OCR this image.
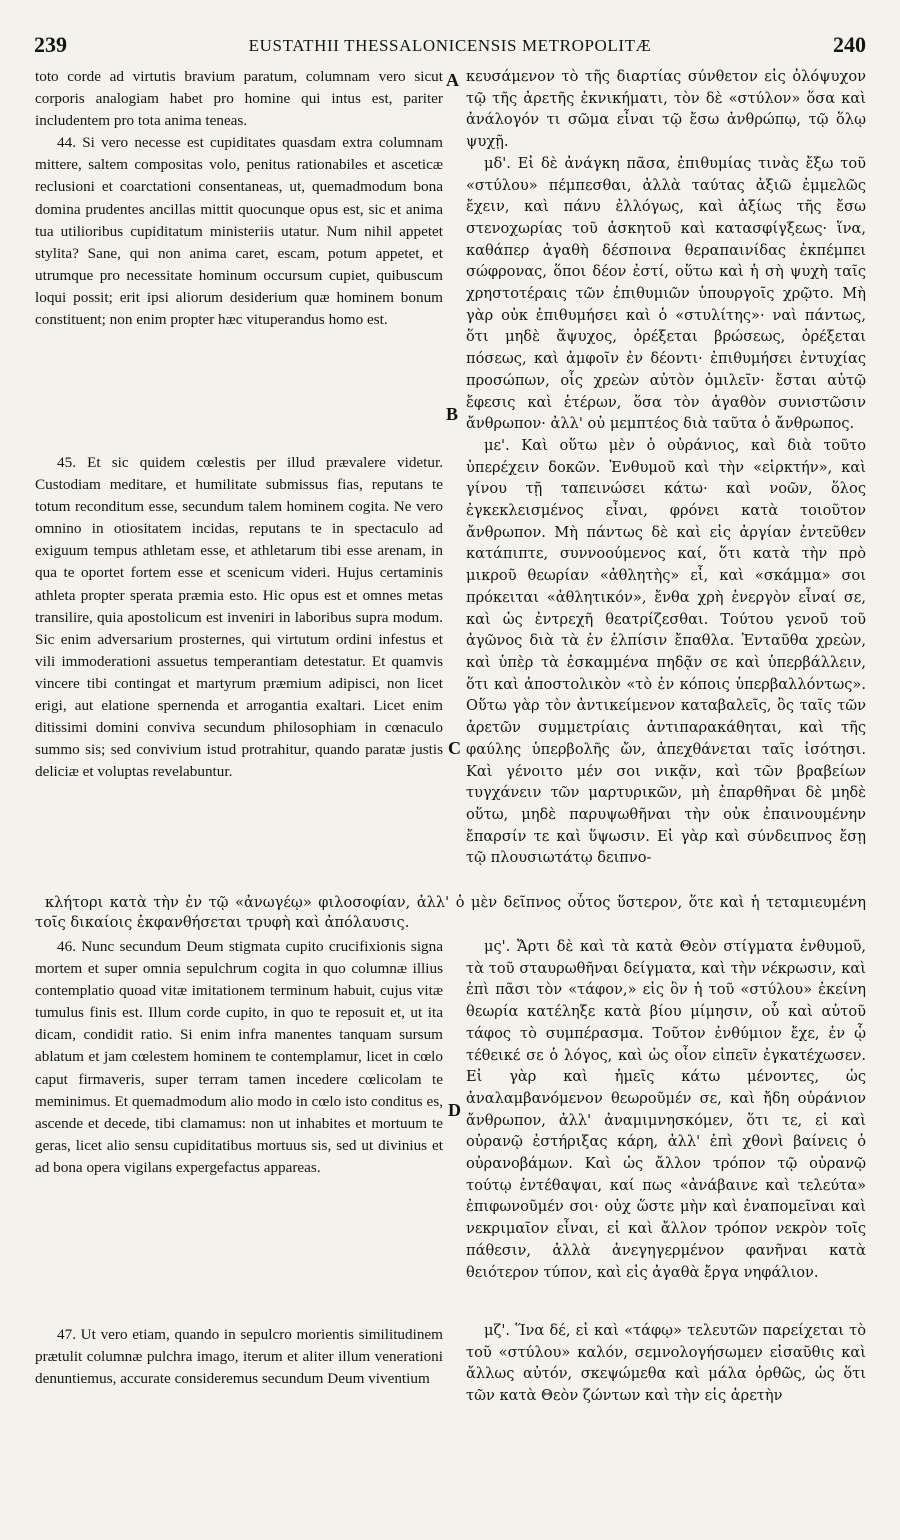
239	EUSTATHII THESSALONICENSIS METROPOLITÆ	240

toto corde ad virtutis bravium paratum, columnam vero sicut corporis analogiam habet pro homine qui intus est, pariter includentem pro tota anima teneas.

44. Si vero necesse est cupiditates quasdam extra columnam mittere, saltem compositas volo, penitus rationabiles et asceticæ reclusioni et coarctationi consentaneas, ut, quemadmodum bona domina prudentes ancillas mittit quocunque opus est, sic et anima tua utilioribus cupiditatum ministeriis utatur. Num nihil appetet stylita? Sane, qui non anima caret, escam, potum appetet, et utrumque pro necessitate hominum occursum cupiet, quibuscum loqui possit; erit ipsi aliorum desiderium quæ hominem bonum constituent; non enim propter hæc vituperandus homo est.

45. Et sic quidem cœlestis per illud prævalere videtur. Custodiam meditare, et humilitate submissus fias, reputans te totum reconditum esse, secundum talem hominem cogita. Ne vero omnino in otiositatem incidas, reputans te in spectaculo ad exiguum tempus athletam esse, et athletarum tibi esse arenam, in qua te oportet fortem esse et scenicum videri. Hujus certaminis athleta propter sperata præmia esto. Hic opus est et omnes metas transilire, quia apostolicum est inveniri in laboribus supra modum. Sic enim adversarium prosternes, qui virtutum ordini infestus et vili immoderationi assuetus temperantiam detestatur. Et quamvis vincere tibi contingat et martyrum præmium adipisci, non licet erigi, aut elatione spernenda et arrogantia exaltari. Licet enim ditissimi domini conviva secundum philosophiam in cœnaculo summo sis; sed convivium istud protrahitur, quando paratæ justis deliciæ et voluptas revelabuntur.

κευσάμενον τὸ τῆς διαρτίας σύνθετον εἰς ὁλόψυχον τῷ τῆς ἀρετῆς ἐκνικήματι, τὸν δὲ «στύλον» ὅσα καὶ ἀνάλογόν τι σῶμα εἶναι τῷ ἔσω ἀνθρώπῳ, τῷ ὅλῳ ψυχῇ.

μδ'. Εἰ δὲ ἀνάγκη πᾶσα, ἐπιθυμίας τινὰς ἔξω τοῦ «στύλου» πέμπεσθαι, ἀλλὰ ταύτας ἀξιῶ ἐμμελῶς ἔχειν, καὶ πάνυ ἐλλόγως, καὶ ἀξίως τῆς ἔσω στενοχωρίας τοῦ ἀσκητοῦ καὶ κατασφίγξεως· ἵνα, καθάπερ ἀγαθὴ δέσποινα θεραπαινίδας ἐκπέμπει σώφρονας, ὅποι δέον ἐστί, οὕτω καὶ ἡ σὴ ψυχὴ ταῖς χρηστοτέραις τῶν ἐπιθυμιῶν ὑπουργοῖς χρῷτο. Μὴ γὰρ οὐκ ἐπιθυμήσει καὶ ὁ «στυλίτης»· ναὶ πάντως, ὅτι μηδὲ ἄψυχος, ὀρέξεται βρώσεως, ὀρέξεται πόσεως, καὶ ἀμφοῖν ἐν δέοντι· ἐπιθυμήσει ἐντυχίας προσώπων, οἷς χρεὼν αὐτὸν ὁμιλεῖν· ἔσται αὐτῷ ἔφεσις καὶ ἑτέρων, ὅσα τὸν ἀγαθὸν συνιστῶσιν ἄνθρωπον· ἀλλ' οὐ μεμπτέος διὰ ταῦτα ὁ ἄνθρωπος.

με'. Καὶ οὕτω μὲν ὁ οὐράνιος, καὶ διὰ τοῦτο ὑπερέχειν δοκῶν. Ἐνθυμοῦ καὶ τὴν «εἱρκτήν», καὶ γίνου τῇ ταπεινώσει κάτω· καὶ νοῶν, ὅλος ἐγκεκλεισμένος εἶναι, φρόνει κατὰ τοιοῦτον ἄνθρωπον. Μὴ πάντως δὲ καὶ εἰς ἀργίαν ἐντεῦθεν κατάπιπτε, συννοούμενος καί, ὅτι κατὰ τὴν πρὸ μικροῦ θεωρίαν «ἀθλητὴς» εἶ, καὶ «σκάμμα» σοι πρόκειται «ἀθλητικόν», ἔνθα χρὴ ἐνεργὸν εἶναί σε, καὶ ὡς ἐντρεχῆ θεατρίζεσθαι. Τούτου γενοῦ τοῦ ἀγῶνος διὰ τὰ ἐν ἐλπίσιν ἔπαθλα. Ἐνταῦθα χρεὼν, καὶ ὑπὲρ τὰ ἐσκαμμένα πηδᾷν σε καὶ ὑπερβάλλειν, ὅτι καὶ ἀποστολικὸν «τὸ ἐν κόποις ὑπερβαλλόντως». Οὕτω γὰρ τὸν ἀντικείμενον καταβαλεῖς, ὃς ταῖς τῶν ἀρετῶν συμμετρίαις ἀντιπαρακάθηται, καὶ τῆς φαύλης ὑπερβολῆς ὤν, ἀπεχθάνεται ταῖς ἰσότησι. Καὶ γένοιτο μέν σοι νικᾷν, καὶ τῶν βραβείων τυγχάνειν τῶν μαρτυρικῶν, μὴ ἐπαρθῆναι δὲ μηδὲ οὕτω, μηδὲ παρυψωθῆναι τὴν οὐκ ἐπαινουμένην ἔπαρσίν τε καὶ ὕψωσιν. Εἰ γὰρ καὶ σύνδειπνος ἔσῃ τῷ πλουσιωτάτῳ δειπνο-

κλήτορι κατὰ τὴν ἐν τῷ «ἀνωγέῳ» φιλοσοφίαν, ἀλλ' ὁ μὲν δεῖπνος οὗτος ὕστερον, ὅτε καὶ ἡ τεταμιευμένη τοῖς δικαίοις ἐκφανθήσεται τρυφὴ καὶ ἀπόλαυσις.

46. Nunc secundum Deum stigmata cupito crucifixionis signa mortem et super omnia sepulchrum cogita in quo columnæ illius contemplatio quoad vitæ imitationem terminum habuit, cujus vitæ tumulus finis est. Illum corde cupito, in quo te reposuit et, ut ita dicam, condidit ratio. Si enim infra manentes tanquam sursum ablatum et jam cœlestem hominem te contemplamur, licet in cœlo caput firmaveris, super terram tamen incedere cœlicolam te meminimus. Et quemadmodum alio modo in cœlo isto conditus es, ascende et decede, tibi clamamus: non ut inhabites et mortuum te geras, licet alio sensu cupiditatibus mortuus sis, sed ut divinius et ad bona opera vigilans expergefactus appareas.

47. Ut vero etiam, quando in sepulcro morientis similitudinem prætulit columnæ pulchra imago, iterum et aliter illum venerationi denuntiemus, accurate consideremus secundum Deum viventium

μς'. Ἄρτι δὲ καὶ τὰ κατὰ Θεὸν στίγματα ἐνθυμοῦ, τὰ τοῦ σταυρωθῆναι δείγματα, καὶ τὴν νέκρωσιν, καὶ ἐπὶ πᾶσι τὸν «τάφον,» εἰς ὃν ἡ τοῦ «στύλου» ἐκείνη θεωρία κατέληξε κατὰ βίου μίμησιν, οὗ καὶ αὐτοῦ τάφος τὸ συμπέρασμα. Τοῦτον ἐνθύμιον ἔχε, ἐν ᾧ τέθεικέ σε ὁ λόγος, καὶ ὡς οἷον εἰπεῖν ἐγκατέχωσεν. Εἰ γὰρ καὶ ἡμεῖς κάτω μένοντες, ὡς ἀναλαμβανόμενον θεωροῦμέν σε, καὶ ἤδη οὐράνιον ἄνθρωπον, ἀλλ' ἀναμιμνησκόμεν, ὅτι τε, εἰ καὶ οὐρανῷ ἐστήριξας κάρη, ἀλλ' ἐπὶ χθονὶ βαίνεις ὁ οὐρανοβάμων. Καὶ ὡς ἄλλον τρόπον τῷ οὐρανῷ τούτῳ ἐντέθαψαι, καί πως «ἀνάβαινε καὶ τελεύτα» ἐπιφωνοῦμέν σοι· οὐχ ὥστε μὴν καὶ ἐναπομεῖναι καὶ νεκριμαῖον εἶναι, εἰ καὶ ἄλλον τρόπον νεκρὸν τοῖς πάθεσιν, ἀλλὰ ἀνεγηγερμένον φανῆναι κατὰ θειότερον τύπον, καὶ εἰς ἀγαθὰ ἔργα νηφάλιον.

μζ'. Ἵνα δέ, εἰ καὶ «τάφῳ» τελευτῶν παρείχεται τὸ τοῦ «στύλου» καλόν, σεμνολογήσωμεν εἰσαῦθις καὶ ἄλλως αὐτόν, σκεψώμεθα καὶ μάλα ὀρθῶς, ὡς ὅτι τῶν κατὰ Θεὸν ζώντων καὶ τὴν εἰς ἀρετὴν

A
B
C
D
